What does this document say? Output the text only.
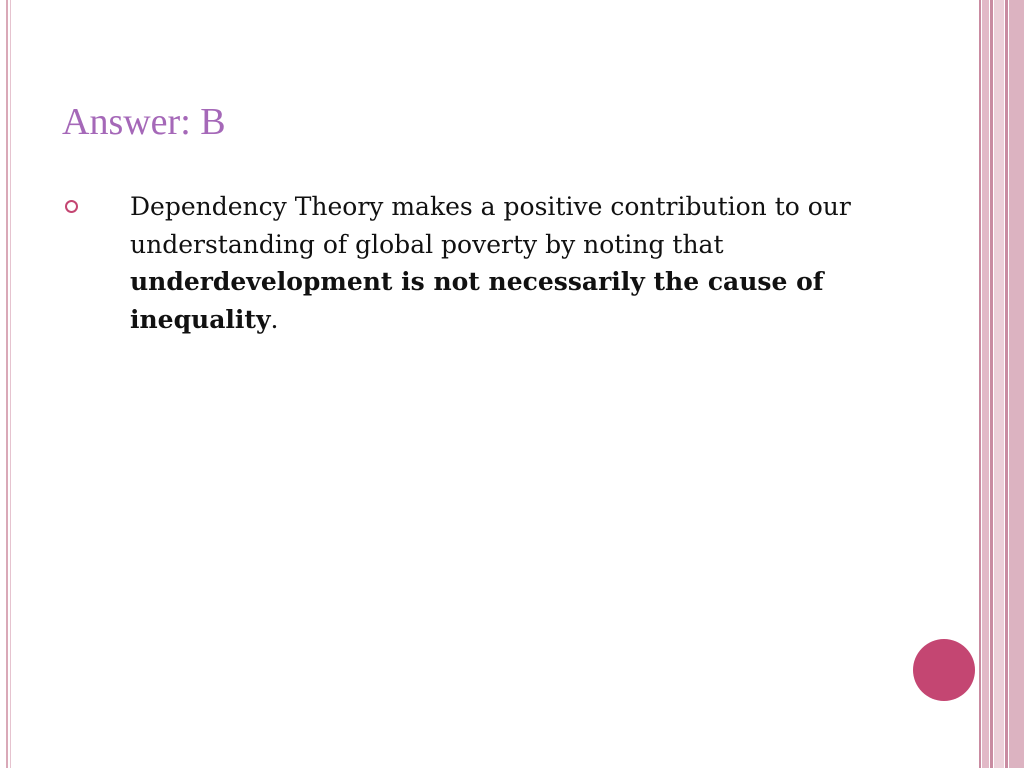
Answer: B

Dependency Theory makes a positive contribution to our understanding of global poverty by noting that underdevelopment is not necessarily the cause of inequality.
